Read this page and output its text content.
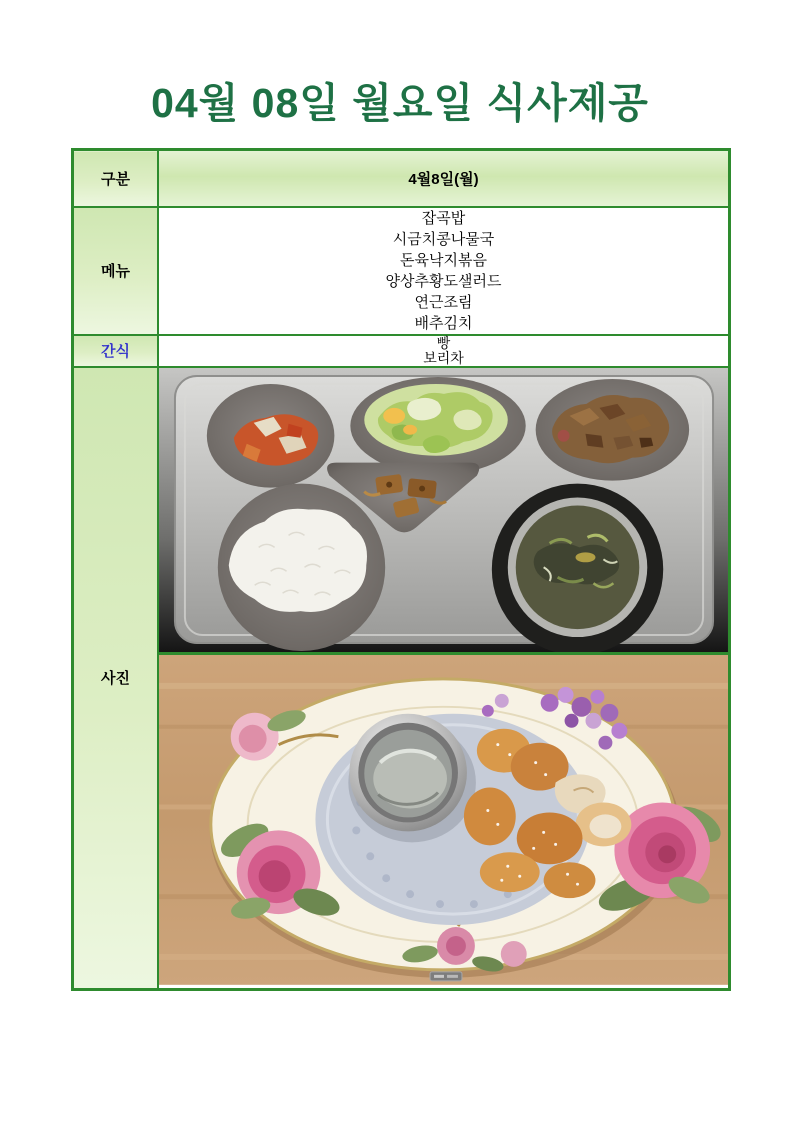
04월 08일 월요일 식사제공
구분	4월8일(월)
메뉴	
잡곡밥
시금치콩나물국
돈육낙지볶음
양상추황도샐러드
연근조림
배추김치

간식	빵
보리차

사진	
